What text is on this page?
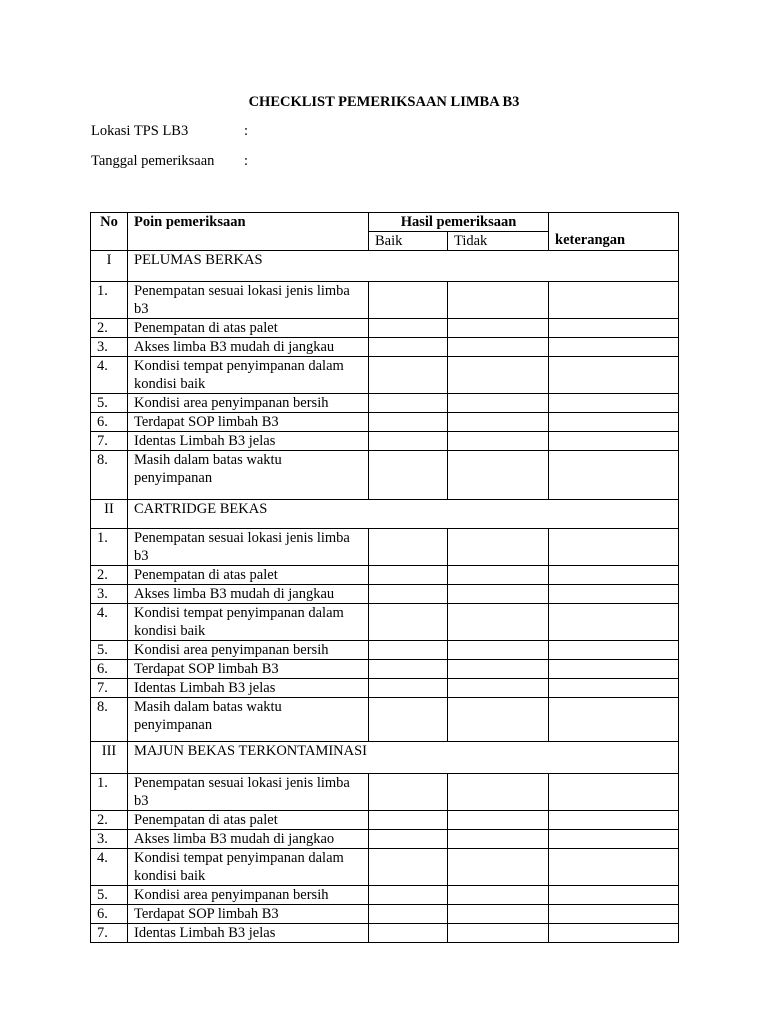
CHECKLIST PEMERIKSAAN LIMBA B3
Lokasi TPS LB3	:
Tanggal pemeriksaan :
No	Poin pemeriksaan	Hasil pemeriksaan		keterangan
		Baik	Tidak	
I	PELUMAS BERKAS			
1.	Penempatan sesuai lokasi jenis limba b3			
2.	Penempatan di atas palet			
3.	Akses limba B3 mudah di jangkau			
4.	Kondisi tempat penyimpanan dalam kondisi baik			
5.	Kondisi area penyimpanan bersih			
6.	Terdapat SOP limbah B3			
7.	Identas Limbah B3 jelas			
8.	Masih dalam batas waktu penyimpanan			
II	CARTRIDGE BEKAS			
1.	Penempatan sesuai lokasi jenis limba b3			
2.	Penempatan di atas palet			
3.	Akses limba B3 mudah di jangkau			
4.	Kondisi tempat penyimpanan dalam kondisi baik			
5.	Kondisi area penyimpanan bersih			
6.	Terdapat SOP limbah B3			
7.	Identas Limbah B3 jelas			
8.	Masih dalam batas waktu penyimpanan			
III	MAJUN BEKAS TERKONTAMINASI			
1.	Penempatan sesuai lokasi jenis limba b3			
2.	Penempatan di atas palet			
3.	Akses limba B3 mudah di jangkao			
4.	Kondisi tempat penyimpanan dalam kondisi baik			
5.	Kondisi area penyimpanan bersih			
6.	Terdapat SOP limbah B3			
7.	Identas Limbah B3 jelas			
